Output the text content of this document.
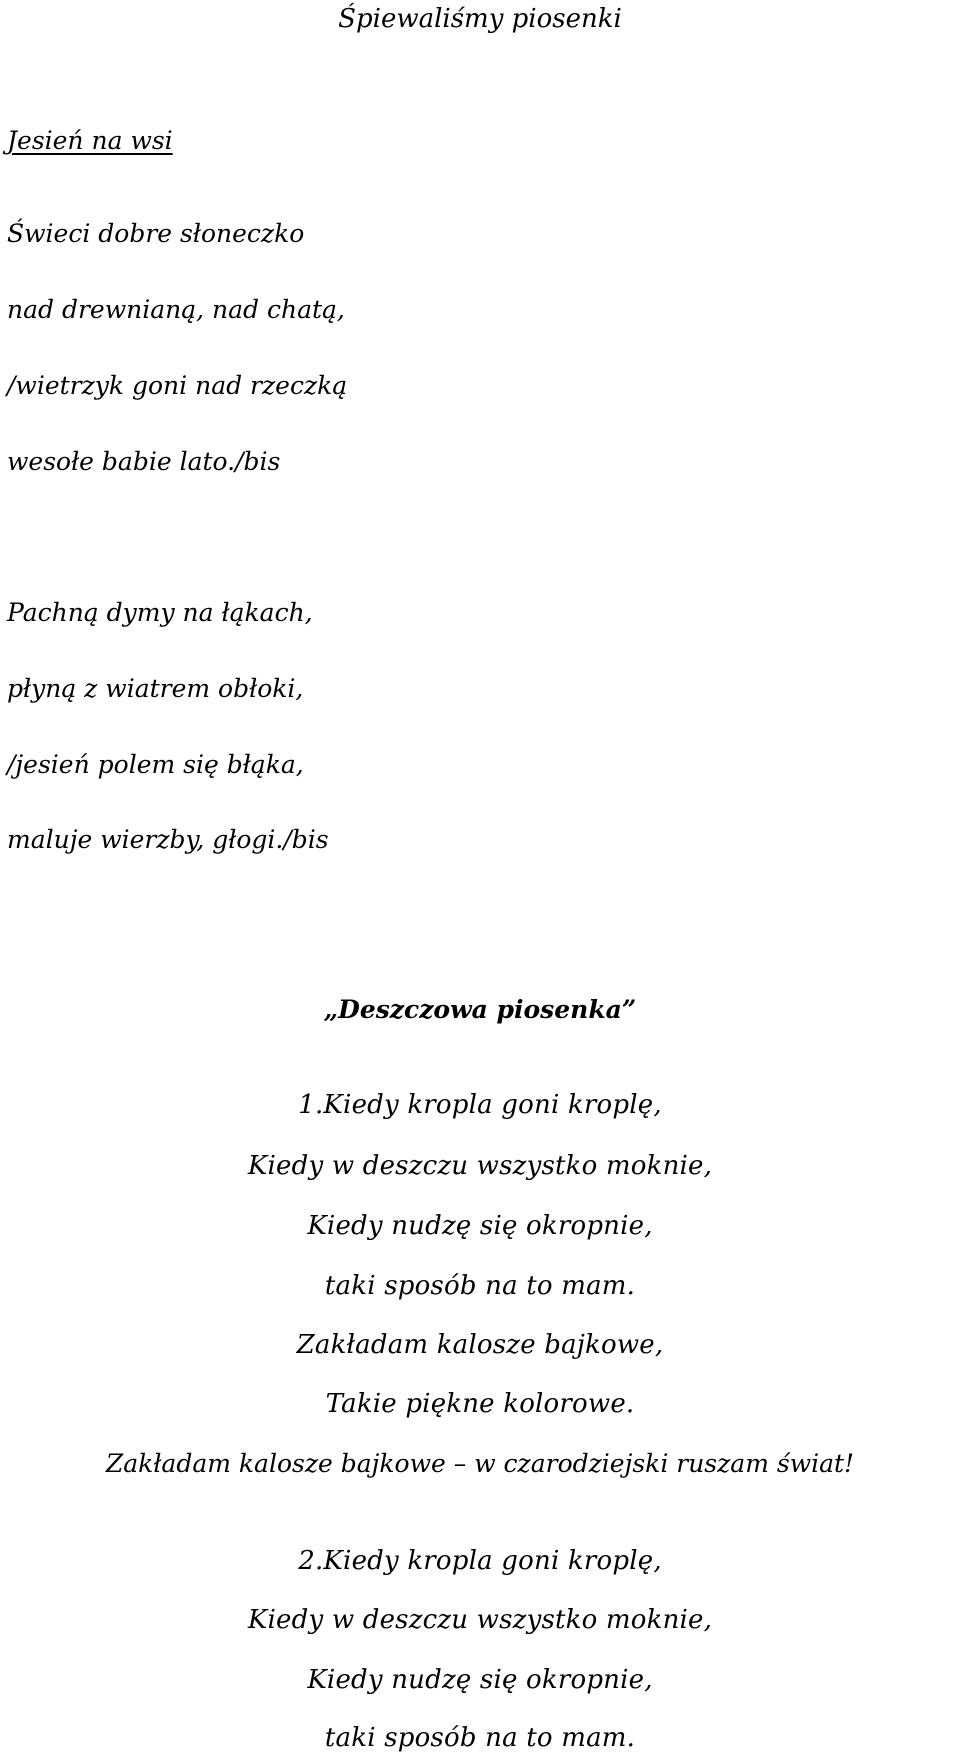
Śpiewaliśmy piosenki
Jesień na wsi
Świeci dobre słoneczko
nad drewnianą, nad chatą,
/wietrzyk goni nad rzeczką
wesołe babie lato./bis
Pachną dymy na łąkach,
płyną z wiatrem obłoki,
/jesień polem się błąka,
maluje wierzby, głogi./bis
„Deszczowa piosenka”
1.Kiedy kropla goni kroplę,
Kiedy w deszczu wszystko moknie,
Kiedy nudzę się okropnie,
taki sposób na to mam.
Zakładam kalosze bajkowe,
Takie piękne kolorowe.
Zakładam kalosze bajkowe – w czarodziejski ruszam świat!
2.Kiedy kropla goni kroplę,
Kiedy w deszczu wszystko moknie,
Kiedy nudzę się okropnie,
taki sposób na to mam.
